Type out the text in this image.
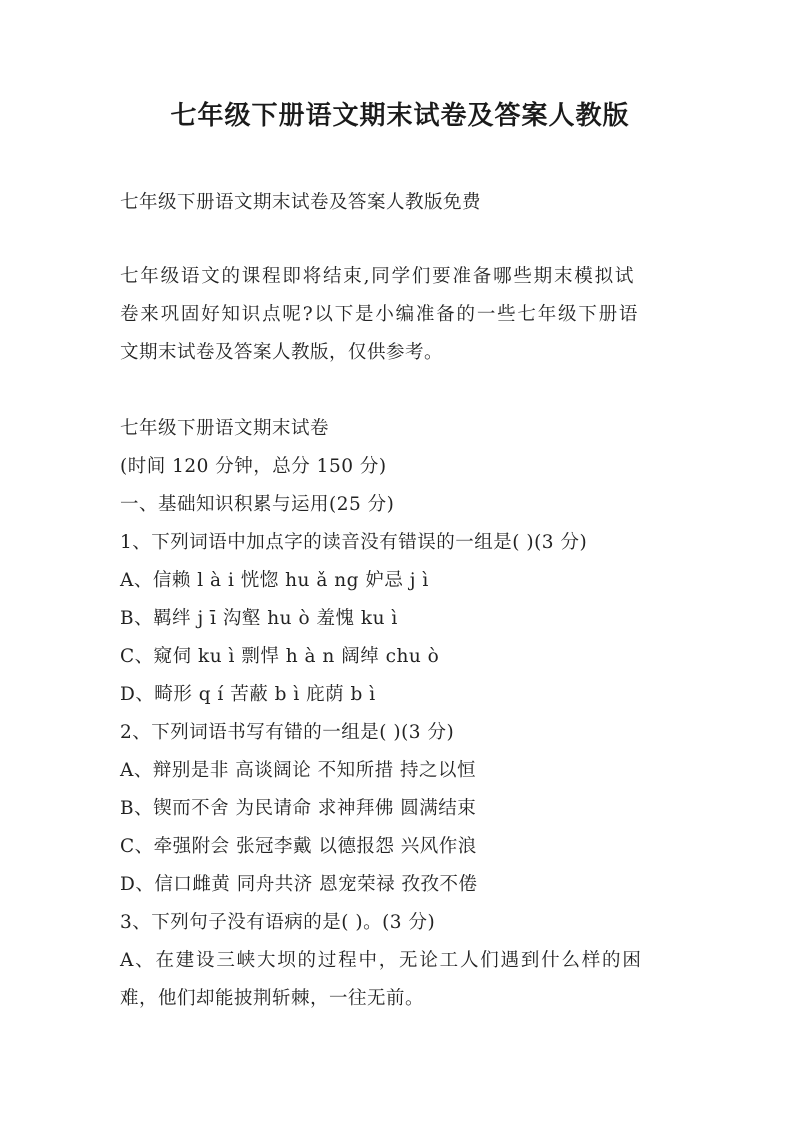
七年级下册语文期末试卷及答案人教版
七年级下册语文期末试卷及答案人教版免费
七年级语文的课程即将结束,同学们要准备哪些期末模拟试
卷来巩固好知识点呢?以下是小编准备的一些七年级下册语
文期末试卷及答案人教版，仅供参考。
七年级下册语文期末试卷
(时间 120 分钟，总分 150 分)
一、基础知识积累与运用(25 分)
1、下列词语中加点字的读音没有错误的一组是( )(3 分)
A、信赖 l à i 恍惚 hu ǎ ng 妒忌 j ì
B、羁绊 j ī 沟壑 hu ò 羞愧 ku ì
C、窥伺 ku ì 剽悍 h à n 阔绰 chu ò
D、畸形 q í 苦蔽 b ì 庇荫 b ì
2、下列词语书写有错的一组是( )(3 分)
A、辩别是非 高谈阔论 不知所措 持之以恒
B、锲而不舍 为民请命 求神拜佛 圆满结束
C、牵强附会 张冠李戴 以德报怨 兴风作浪
D、信口雌黄 同舟共济 恩宠荣禄 孜孜不倦
3、下列句子没有语病的是( )。(3 分)
A、在建设三峡大坝的过程中，无论工人们遇到什么样的困
难，他们却能披荆斩棘，一往无前。
